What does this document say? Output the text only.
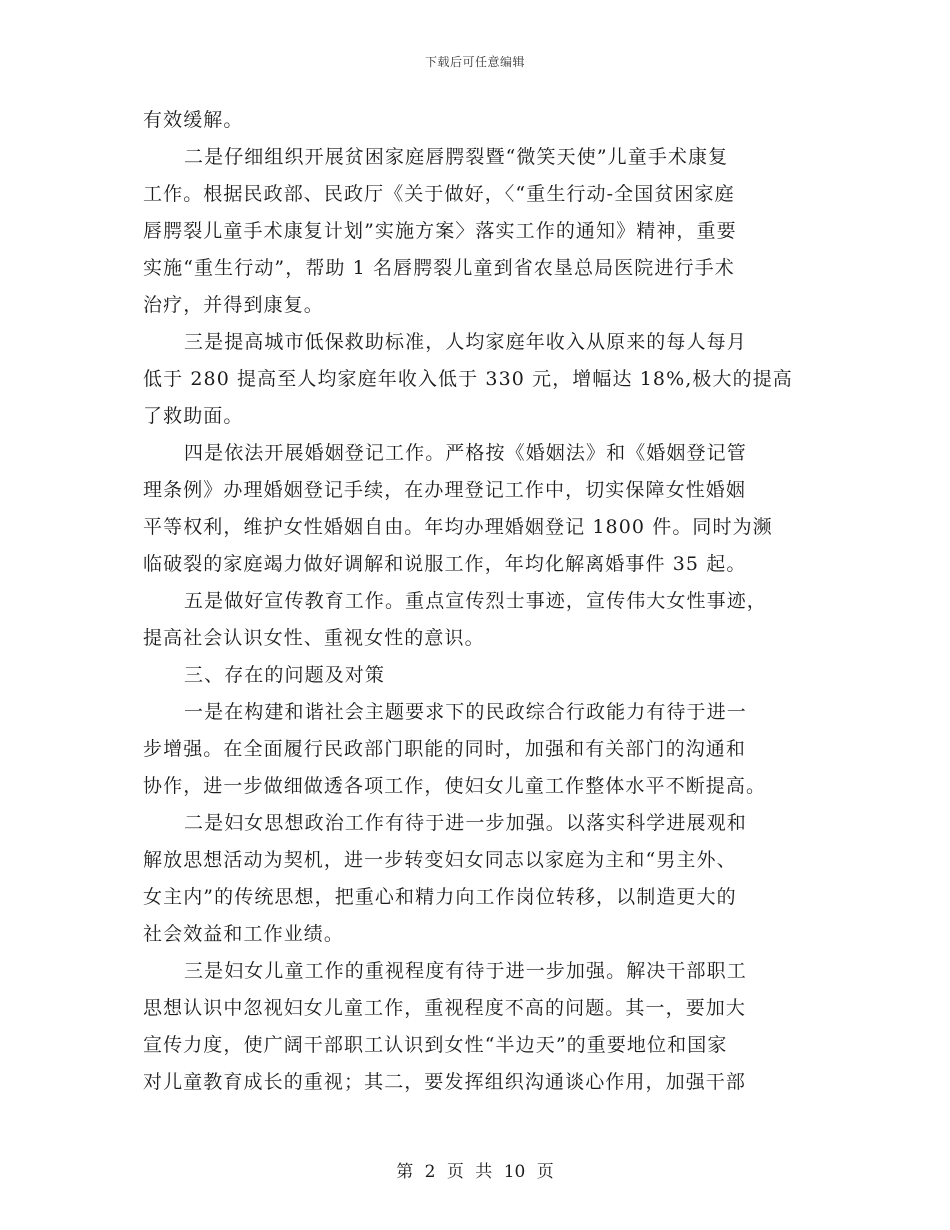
下载后可任意编辑
有效缓解。
二是仔细组织开展贫困家庭唇腭裂暨“微笑天使”儿童手术康复
工作。根据民政部、民政厅《关于做好，〈“重生行动-全国贫困家庭
唇腭裂儿童手术康复计划”实施方案〉落实工作的通知》精神，重要
实施“重生行动”，帮助 1 名唇腭裂儿童到省农垦总局医院进行手术
治疗，并得到康复。
三是提高城市低保救助标准，人均家庭年收入从原来的每人每月
低于 280 提高至人均家庭年收入低于 330 元，增幅达 18%,极大的提高
了救助面。
四是依法开展婚姻登记工作。严格按《婚姻法》和《婚姻登记管
理条例》办理婚姻登记手续，在办理登记工作中，切实保障女性婚姻
平等权利，维护女性婚姻自由。年均办理婚姻登记 1800 件。同时为濒
临破裂的家庭竭力做好调解和说服工作，年均化解离婚事件 35 起。
五是做好宣传教育工作。重点宣传烈士事迹，宣传伟大女性事迹，
提高社会认识女性、重视女性的意识。
三、存在的问题及对策
一是在构建和谐社会主题要求下的民政综合行政能力有待于进一
步增强。在全面履行民政部门职能的同时，加强和有关部门的沟通和
协作，进一步做细做透各项工作，使妇女儿童工作整体水平不断提高。
二是妇女思想政治工作有待于进一步加强。以落实科学进展观和
解放思想活动为契机，进一步转变妇女同志以家庭为主和“男主外、
女主内”的传统思想，把重心和精力向工作岗位转移，以制造更大的
社会效益和工作业绩。
三是妇女儿童工作的重视程度有待于进一步加强。解决干部职工
思想认识中忽视妇女儿童工作，重视程度不高的问题。其一，要加大
宣传力度，使广阔干部职工认识到女性“半边天”的重要地位和国家
对儿童教育成长的重视；其二，要发挥组织沟通谈心作用，加强干部
第 2 页 共 10 页
